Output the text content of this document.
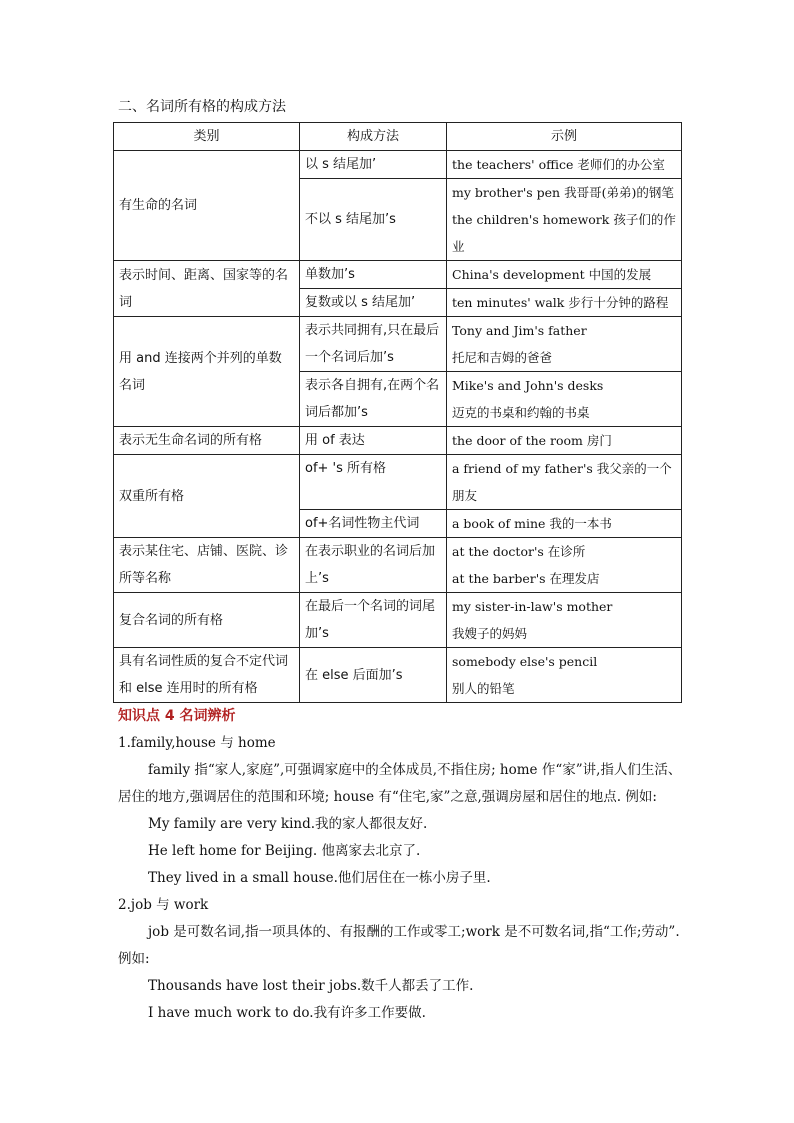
二、名词所有格的构成方法
类别	构成方法	示例
有生命的名词	以 s 结尾加’	the teachers' office 老师们的办公室

	不以 s 结尾加’s	my brother's pen 我哥哥(弟弟)的钢笔
the children's homework 孩子们的作业

表示时间、距离、国家等的名词	单数加’s	China's development 中国的发展

	复数或以 s 结尾加’	ten minutes' walk 步行十分钟的路程

用 and 连接两个并列的单数名词	表示共同拥有,只在最后一个名词后加’s	Tony and Jim's father
托尼和吉姆的爸爸

	表示各自拥有,在两个名词后都加’s	Mike's and John's desks
迈克的书桌和约翰的书桌

表示无生命名词的所有格	用 of 表达	the door of the room 房门

双重所有格	of+ 's 所有格	a friend of my father's 我父亲的一个朋友

	of+名词性物主代词	a book of mine 我的一本书

表示某住宅、店铺、医院、诊所等名称	在表示职业的名词后加上’s	at the doctor's 在诊所
at the barber's 在理发店

复合名词的所有格	在最后一个名词的词尾加’s	my sister-in-law's mother
我嫂子的妈妈

具有名词性质的复合不定代词和 else 连用时的所有格	在 else 后面加’s	somebody else's pencil
别人的铅笔
知识点 4 名词辨析
1.family,house 与 home
family 指“家人,家庭”,可强调家庭中的全体成员,不指住房; home 作“家”讲,指人们生活、居住的地方,强调居住的范围和环境; house 有“住宅,家”之意,强调房屋和居住的地点. 例如:
My family are very kind.我的家人都很友好.
He left home for Beijing. 他离家去北京了.
They lived in a small house.他们居住在一栋小房子里.
2.job 与 work
job 是可数名词,指一项具体的、有报酬的工作或零工;work 是不可数名词,指“工作;劳动”. 例如:
Thousands have lost their jobs.数千人都丢了工作.
I have much work to do.我有许多工作要做.
